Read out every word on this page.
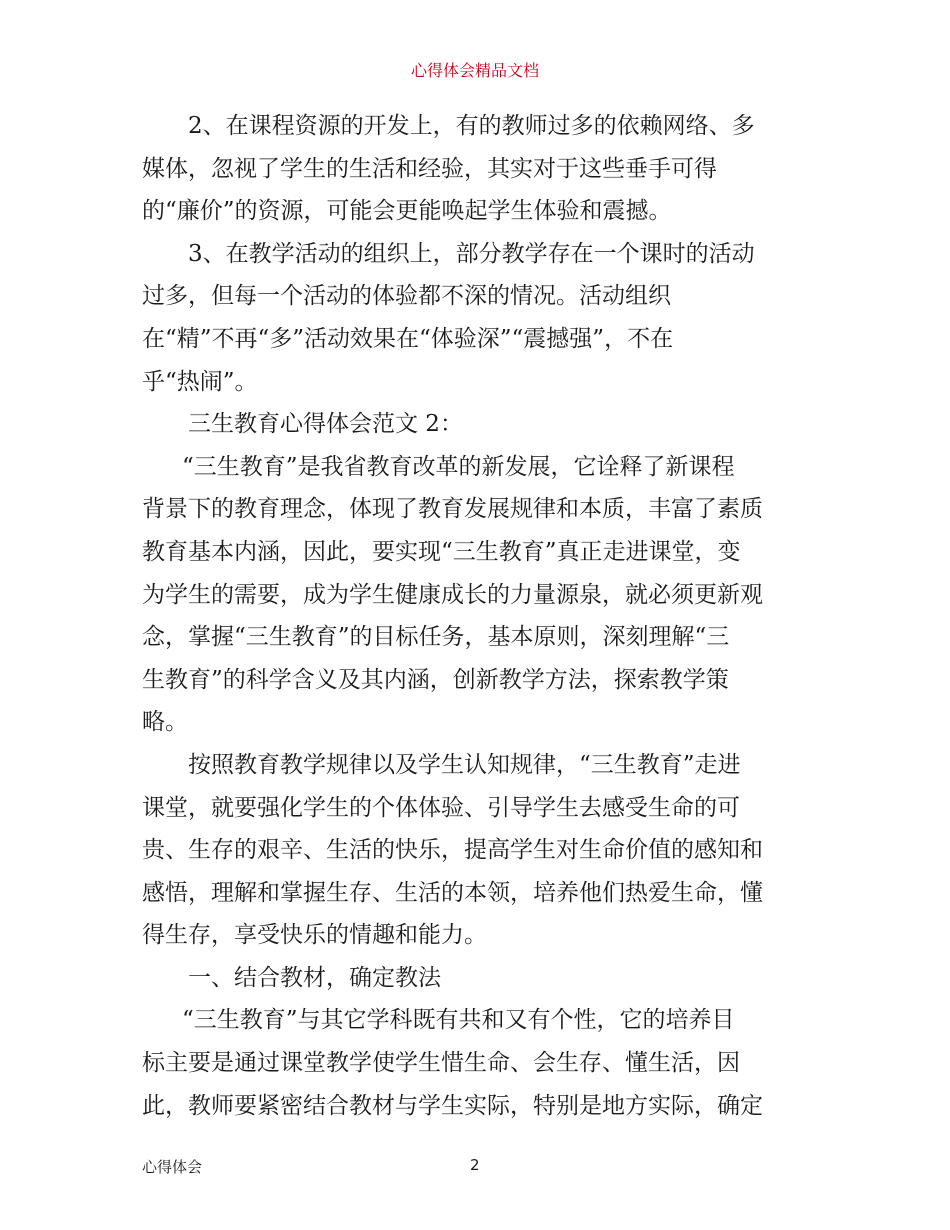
心得体会精品文档
2、在课程资源的开发上，有的教师过多的依赖网络、多
媒体，忽视了学生的生活和经验，其实对于这些垂手可得
的“廉价”的资源，可能会更能唤起学生体验和震撼。
3、在教学活动的组织上，部分教学存在一个课时的活动
过多，但每一个活动的体验都不深的情况。活动组织
在“精”不再“多”活动效果在“体验深”“震撼强”，不在
乎“热闹”。
三生教育心得体会范文 2：
“三生教育”是我省教育改革的新发展，它诠释了新课程
背景下的教育理念，体现了教育发展规律和本质，丰富了素质
教育基本内涵，因此，要实现“三生教育”真正走进课堂，变
为学生的需要，成为学生健康成长的力量源泉，就必须更新观
念，掌握“三生教育”的目标任务，基本原则，深刻理解“三
生教育”的科学含义及其内涵，创新教学方法，探索教学策
略。
按照教育教学规律以及学生认知规律，“三生教育”走进
课堂，就要强化学生的个体体验、引导学生去感受生命的可
贵、生存的艰辛、生活的快乐，提高学生对生命价值的感知和
感悟，理解和掌握生存、生活的本领，培养他们热爱生命，懂
得生存，享受快乐的情趣和能力。
一、结合教材，确定教法
“三生教育”与其它学科既有共和又有个性，它的培养目
标主要是通过课堂教学使学生惜生命、会生存、懂生活，因
此，教师要紧密结合教材与学生实际，特别是地方实际，确定
心得体会	2
